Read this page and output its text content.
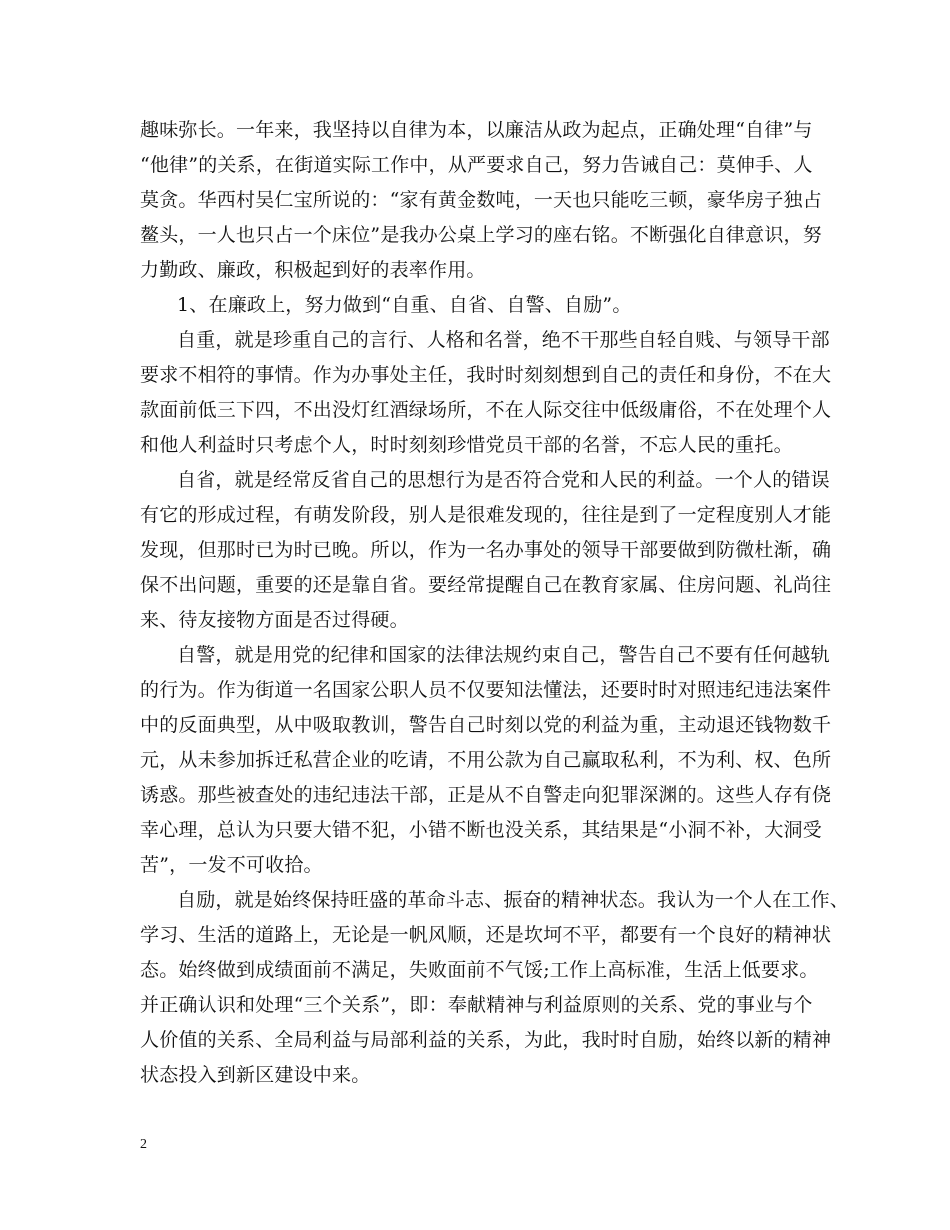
趣味弥长。一年来，我坚持以自律为本，以廉洁从政为起点，正确处理“自律”与
“他律”的关系，在街道实际工作中，从严要求自己，努力告诫自己：莫伸手、人
莫贪。华西村吴仁宝所说的：“家有黄金数吨，一天也只能吃三顿，豪华房子独占
鳌头，一人也只占一个床位”是我办公桌上学习的座右铭。不断强化自律意识，努
力勤政、廉政，积极起到好的表率作用。
1、在廉政上，努力做到“自重、自省、自警、自励”。
自重，就是珍重自己的言行、人格和名誉，绝不干那些自轻自贱、与领导干部
要求不相符的事情。作为办事处主任，我时时刻刻想到自己的责任和身份，不在大
款面前低三下四，不出没灯红酒绿场所，不在人际交往中低级庸俗，不在处理个人
和他人利益时只考虑个人，时时刻刻珍惜党员干部的名誉，不忘人民的重托。
自省，就是经常反省自己的思想行为是否符合党和人民的利益。一个人的错误
有它的形成过程，有萌发阶段，别人是很难发现的，往往是到了一定程度别人才能
发现，但那时已为时已晚。所以，作为一名办事处的领导干部要做到防微杜渐，确
保不出问题，重要的还是靠自省。要经常提醒自己在教育家属、住房问题、礼尚往
来、待友接物方面是否过得硬。
自警，就是用党的纪律和国家的法律法规约束自己，警告自己不要有任何越轨
的行为。作为街道一名国家公职人员不仅要知法懂法，还要时时对照违纪违法案件
中的反面典型，从中吸取教训，警告自己时刻以党的利益为重，主动退还钱物数千
元，从未参加拆迁私营企业的吃请，不用公款为自己赢取私利，不为利、权、色所
诱惑。那些被查处的违纪违法干部，正是从不自警走向犯罪深渊的。这些人存有侥
幸心理，总认为只要大错不犯，小错不断也没关系，其结果是“小洞不补，大洞受
苦”，一发不可收拾。
自励，就是始终保持旺盛的革命斗志、振奋的精神状态。我认为一个人在工作、
学习、生活的道路上，无论是一帆风顺，还是坎坷不平，都要有一个良好的精神状
态。始终做到成绩面前不满足，失败面前不气馁;工作上高标准，生活上低要求。
并正确认识和处理“三个关系”，即：奉献精神与利益原则的关系、党的事业与个
人价值的关系、全局利益与局部利益的关系，为此，我时时自励，始终以新的精神
状态投入到新区建设中来。
2
